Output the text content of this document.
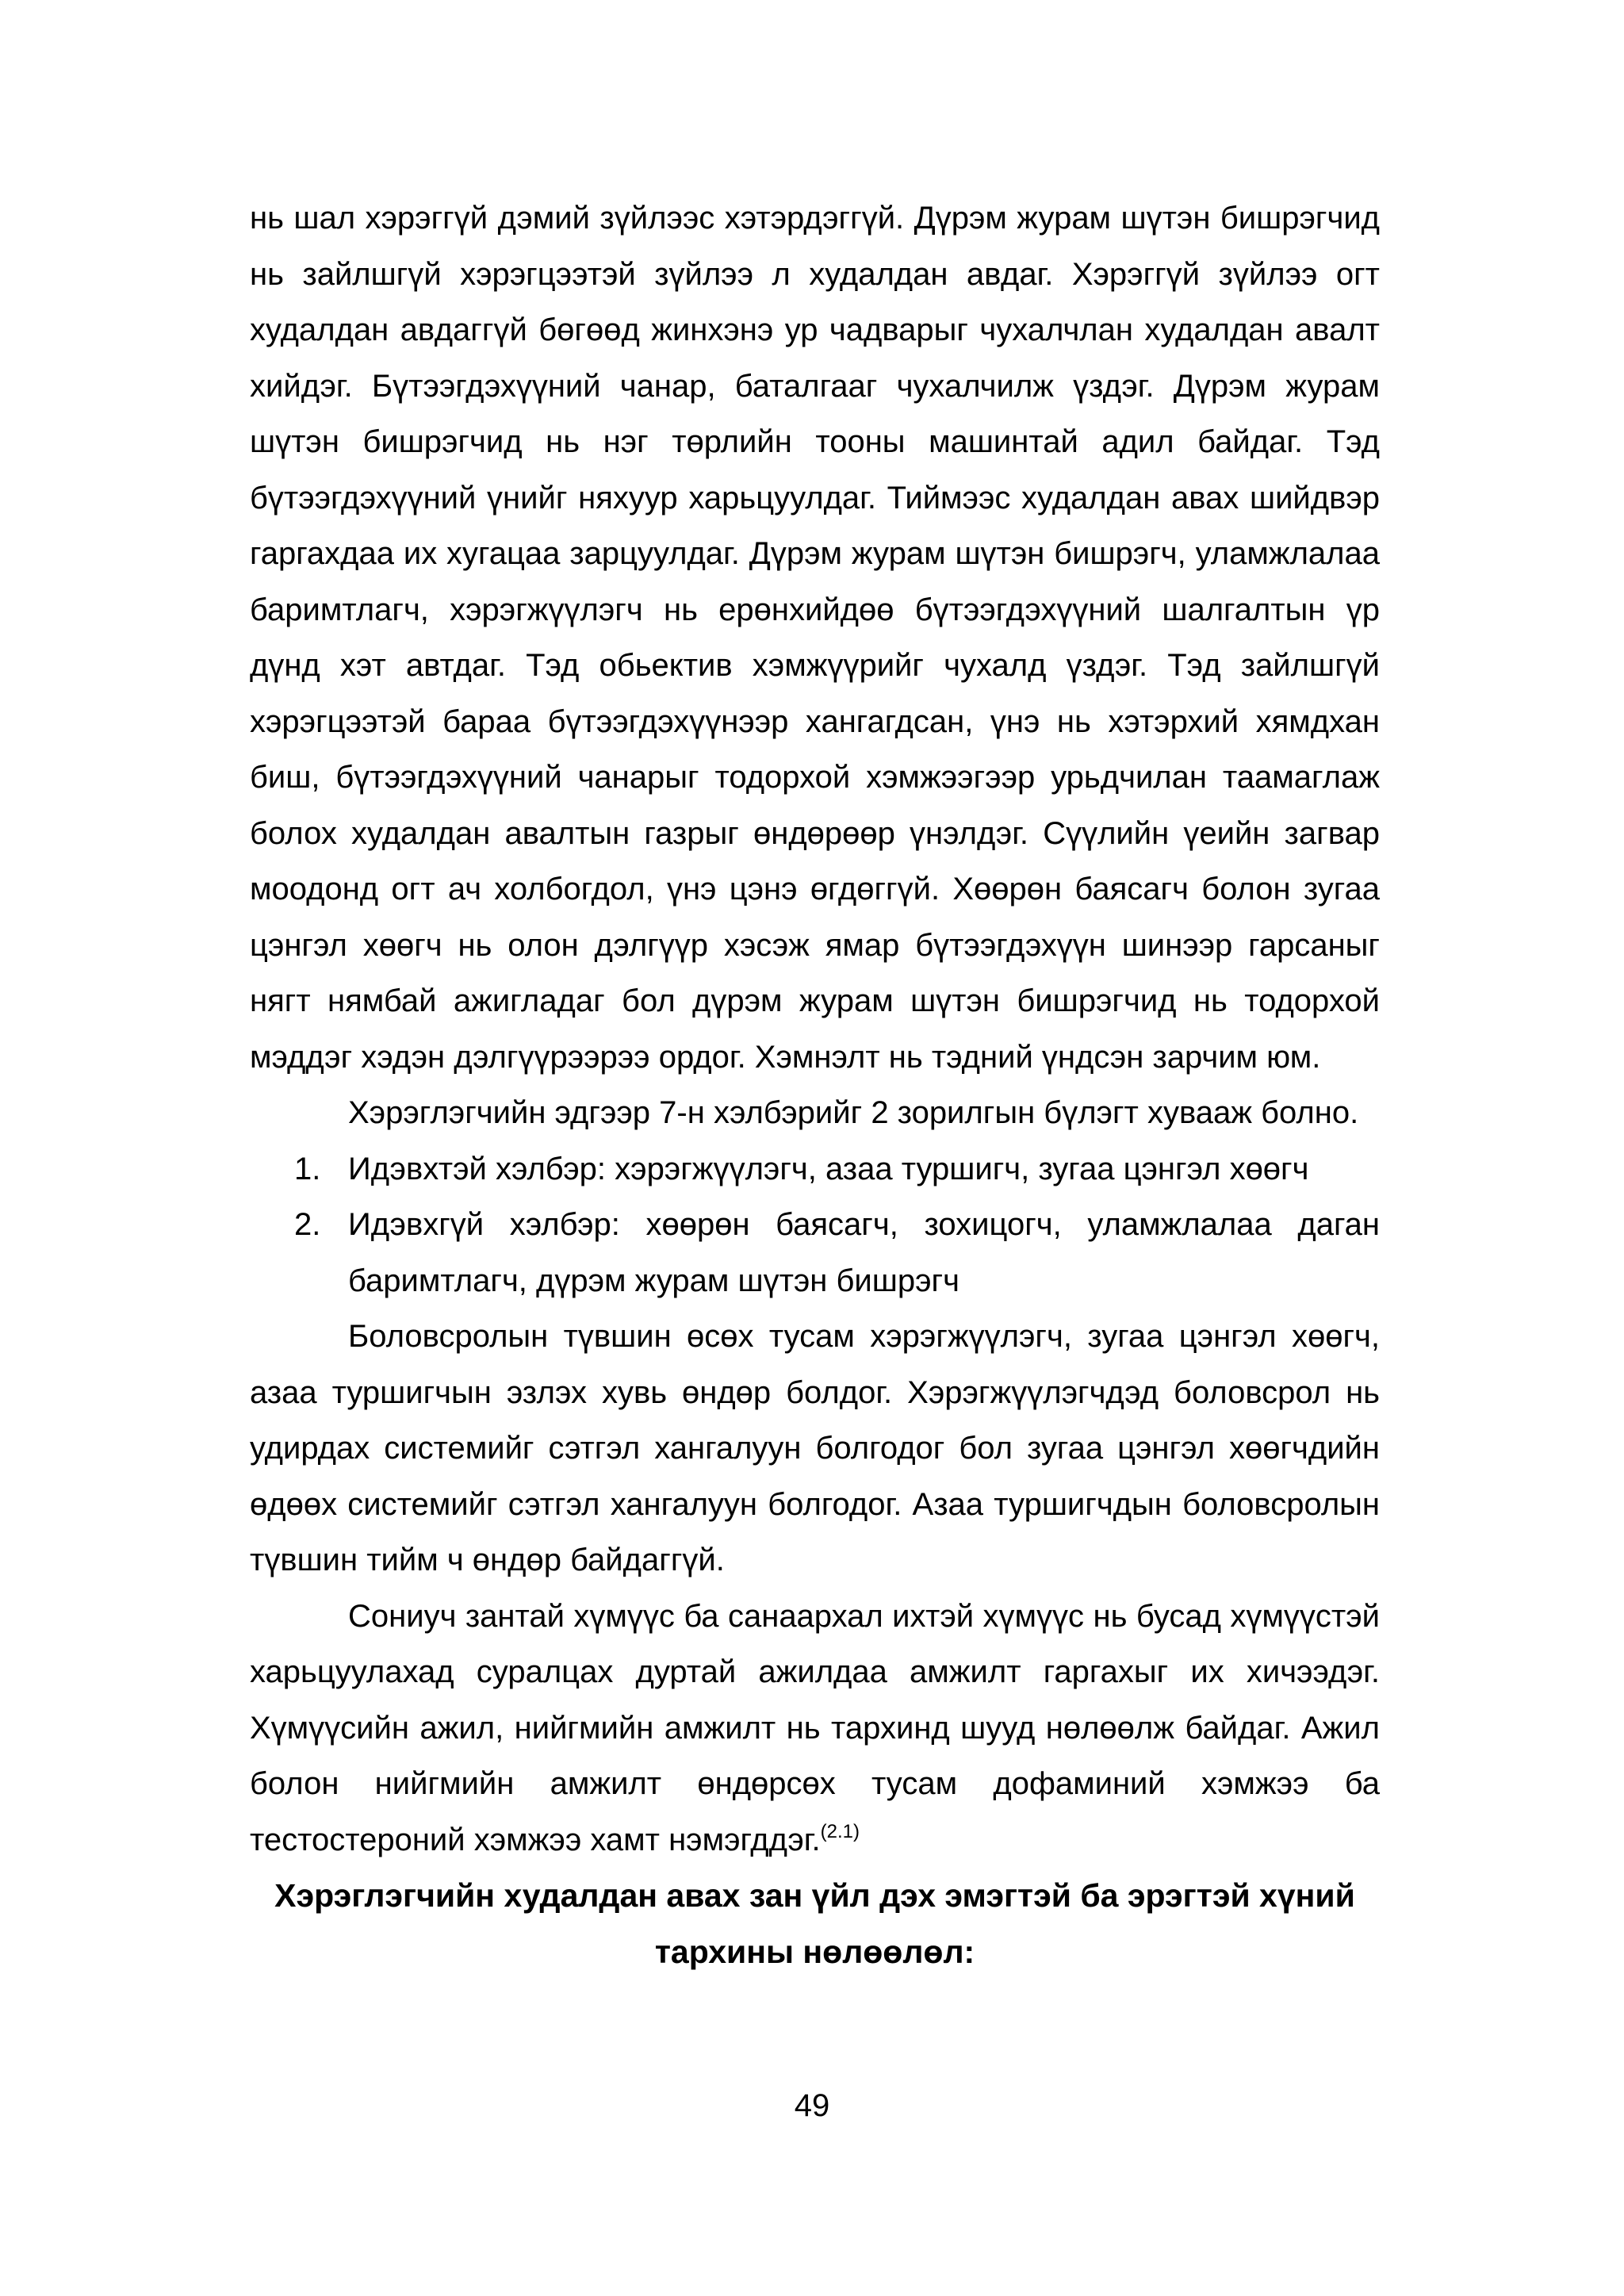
нь шал хэрэггүй дэмий зүйлээс хэтэрдэггүй. Дүрэм журам шүтэн бишрэгчид нь зайлшгүй хэрэгцээтэй зүйлээ л худалдан авдаг. Хэрэггүй зүйлээ огт худалдан авдаггүй бөгөөд жинхэнэ ур чадварыг чухалчлан худалдан авалт хийдэг. Бүтээгдэхүүний чанар, баталгааг чухалчилж үздэг. Дүрэм журам шүтэн бишрэгчид нь нэг төрлийн тооны машинтай адил байдаг. Тэд бүтээгдэхүүний үнийг няхуур харьцуулдаг. Тиймээс худалдан авах шийдвэр гаргахдаа их хугацаа зарцуулдаг. Дүрэм журам шүтэн бишрэгч, уламжлалаа баримтлагч, хэрэгжүүлэгч нь ерөнхийдөө бүтээгдэхүүний шалгалтын үр дүнд хэт автдаг. Тэд обьектив хэмжүүрийг чухалд үздэг. Тэд зайлшгүй хэрэгцээтэй бараа бүтээгдэхүүнээр хангагдсан, үнэ нь хэтэрхий хямдхан биш, бүтээгдэхүүний чанарыг тодорхой хэмжээгээр урьдчилан таамаглаж болох худалдан авалтын газрыг өндөрөөр үнэлдэг. Сүүлийн үеийн загвар моодонд огт ач холбогдол, үнэ цэнэ өгдөггүй. Хөөрөн баясагч болон зугаа цэнгэл хөөгч нь олон дэлгүүр хэсэж ямар бүтээгдэхүүн шинээр гарсаныг нягт нямбай ажигладаг бол дүрэм журам шүтэн бишрэгчид нь тодорхой мэддэг хэдэн дэлгүүрээрээ ордог. Хэмнэлт нь тэдний үндсэн зарчим юм.

Хэрэглэгчийн эдгээр 7-н хэлбэрийг 2 зорилгын бүлэгт хувааж болно.

1. Идэвхтэй хэлбэр: хэрэгжүүлэгч, азаа туршигч, зугаа цэнгэл хөөгч
2. Идэвхгүй хэлбэр: хөөрөн баясагч, зохицогч, уламжлалаа даган баримтлагч, дүрэм журам шүтэн бишрэгч

Боловсролын түвшин өсөх тусам хэрэгжүүлэгч, зугаа цэнгэл хөөгч, азаа туршигчын эзлэх хувь өндөр болдог. Хэрэгжүүлэгчдэд боловсрол нь удирдах системийг сэтгэл хангалуун болгодог бол зугаа цэнгэл хөөгчдийн өдөөх системийг сэтгэл хангалуун болгодог. Азаа туршигчдын боловсролын түвшин тийм ч өндөр байдаггүй.

Сониуч зантай хүмүүс ба санаархал ихтэй хүмүүс нь бусад хүмүүстэй харьцуулахад суралцах дуртай ажилдаа амжилт гаргахыг их хичээдэг. Хүмүүсийн ажил, нийгмийн амжилт нь тархинд шууд нөлөөлж байдаг. Ажил болон нийгмийн амжилт өндөрсөх тусам дофаминий хэмжээ ба тестостероний хэмжээ хамт нэмэгддэг.$^{(2.1)}$

Хэрэглэгчийн худалдан авах зан үйл дэх эмэгтэй ба эрэгтэй хүний
тархины нөлөөлөл:

49
